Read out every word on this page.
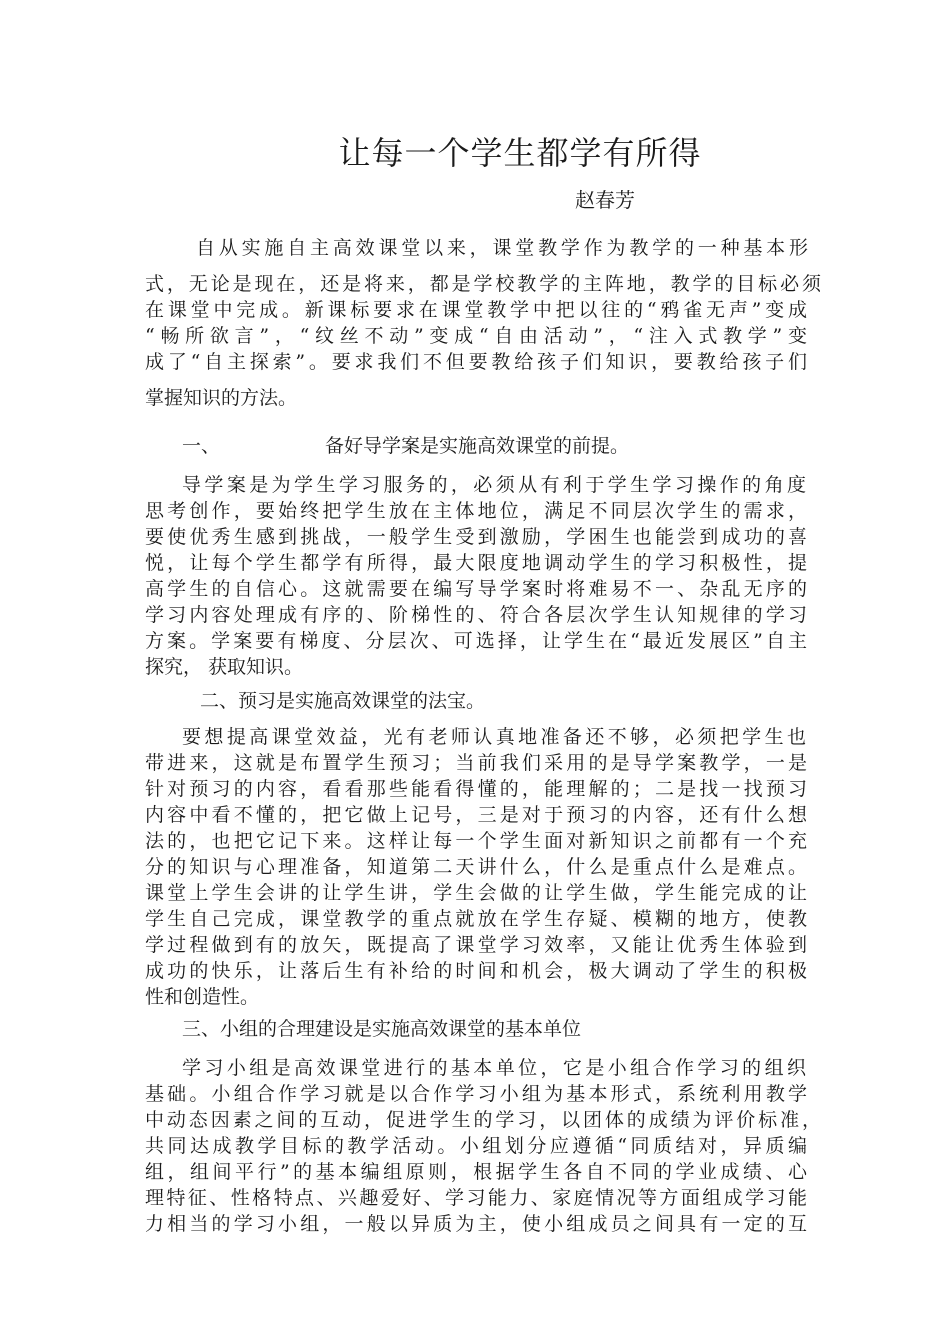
让每一个学生都学有所得
赵春芳
自从实施自主高效课堂以来，课堂教学作为教学的一种基本形
式，无论是现在，还是将来，都是学校教学的主阵地，教学的目标必须
在课堂中完成。新课标要求在课堂教学中把以往的“鸦雀无声”变成
“畅所欲言”，“纹丝不动”变成“自由活动”，“注入式教学”变
成了“自主探索”。要求我们不但要教给孩子们知识，要教给孩子们
掌握知识的方法。
一、	备好导学案是实施高效课堂的前提。
导学案是为学生学习服务的，必须从有利于学生学习操作的角度
思考创作，要始终把学生放在主体地位，满足不同层次学生的需求，
要使优秀生感到挑战，一般学生受到激励，学困生也能尝到成功的喜
悦，让每个学生都学有所得，最大限度地调动学生的学习积极性，提
高学生的自信心。这就需要在编写导学案时将难易不一、杂乱无序的
学习内容处理成有序的、阶梯性的、符合各层次学生认知规律的学习
方案。学案要有梯度、分层次、可选择，让学生在“最近发展区”自主
探究， 获取知识。
二、预习是实施高效课堂的法宝。
要想提高课堂效益，光有老师认真地准备还不够，必须把学生也
带进来，这就是布置学生预习；当前我们采用的是导学案教学，一是
针对预习的内容，看看那些能看得懂的，能理解的；二是找一找预习
内容中看不懂的，把它做上记号，三是对于预习的内容，还有什么想
法的，也把它记下来。这样让每一个学生面对新知识之前都有一个充
分的知识与心理准备，知道第二天讲什么，什么是重点什么是难点。
课堂上学生会讲的让学生讲，学生会做的让学生做，学生能完成的让
学生自己完成，课堂教学的重点就放在学生存疑、模糊的地方，使教
学过程做到有的放矢，既提高了课堂学习效率，又能让优秀生体验到
成功的快乐，让落后生有补给的时间和机会，极大调动了学生的积极
性和创造性。
三、小组的合理建设是实施高效课堂的基本单位
学习小组是高效课堂进行的基本单位，它是小组合作学习的组织
基础。小组合作学习就是以合作学习小组为基本形式，系统利用教学
中动态因素之间的互动，促进学生的学习，以团体的成绩为评价标准，
共同达成教学目标的教学活动。小组划分应遵循“同质结对，异质编
组，组间平行”的基本编组原则，根据学生各自不同的学业成绩、心
理特征、性格特点、兴趣爱好、学习能力、家庭情况等方面组成学习能
力相当的学习小组，一般以异质为主，使小组成员之间具有一定的互
